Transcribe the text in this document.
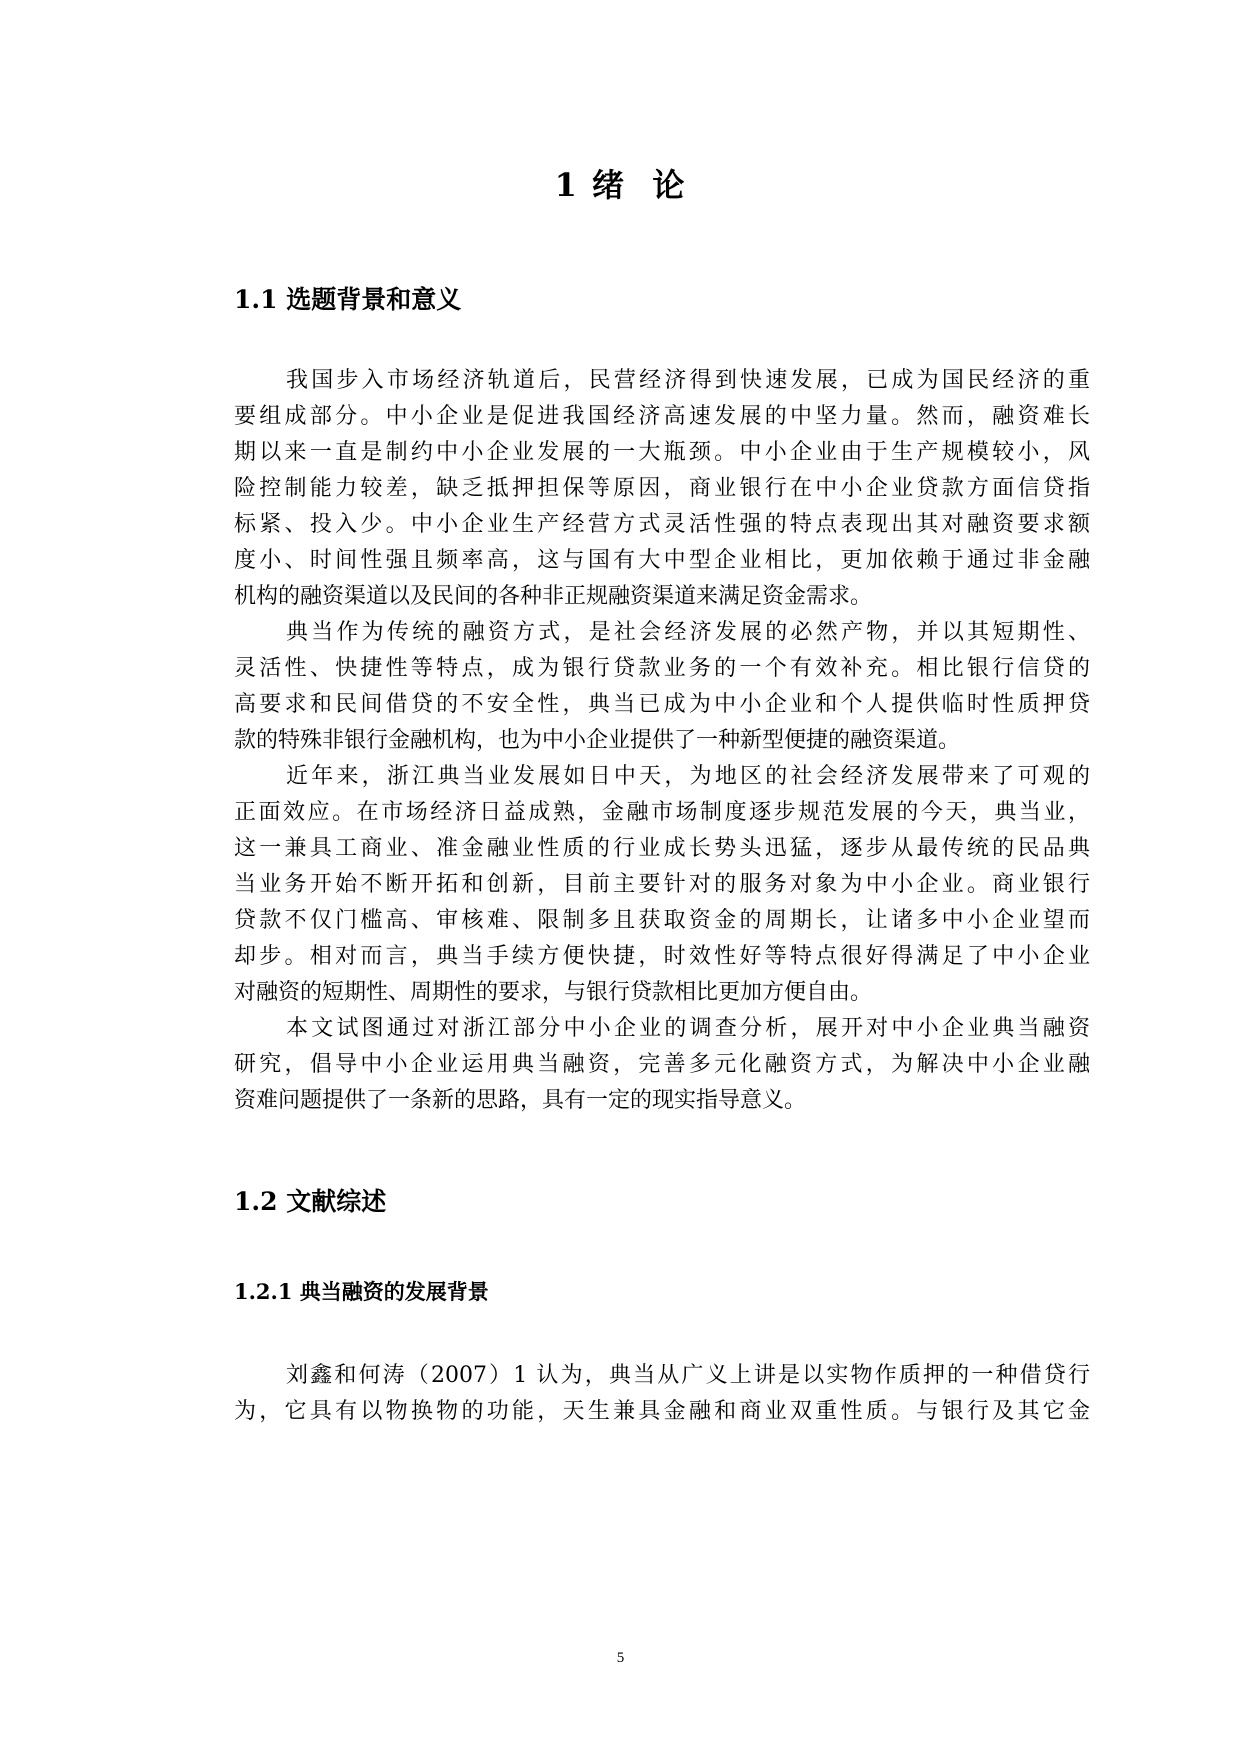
1 绪  论
1.1 选题背景和意义
我国步入市场经济轨道后，民营经济得到快速发展，已成为国民经济的重
要组成部分。中小企业是促进我国经济高速发展的中坚力量。然而，融资难长
期以来一直是制约中小企业发展的一大瓶颈。中小企业由于生产规模较小，风
险控制能力较差，缺乏抵押担保等原因，商业银行在中小企业贷款方面信贷指
标紧、投入少。中小企业生产经营方式灵活性强的特点表现出其对融资要求额
度小、时间性强且频率高，这与国有大中型企业相比，更加依赖于通过非金融
机构的融资渠道以及民间的各种非正规融资渠道来满足资金需求。
典当作为传统的融资方式，是社会经济发展的必然产物，并以其短期性、
灵活性、快捷性等特点，成为银行贷款业务的一个有效补充。相比银行信贷的
高要求和民间借贷的不安全性，典当已成为中小企业和个人提供临时性质押贷
款的特殊非银行金融机构，也为中小企业提供了一种新型便捷的融资渠道。
近年来，浙江典当业发展如日中天，为地区的社会经济发展带来了可观的
正面效应。在市场经济日益成熟，金融市场制度逐步规范发展的今天，典当业，
这一兼具工商业、准金融业性质的行业成长势头迅猛，逐步从最传统的民品典
当业务开始不断开拓和创新，目前主要针对的服务对象为中小企业。商业银行
贷款不仅门槛高、审核难、限制多且获取资金的周期长，让诸多中小企业望而
却步。相对而言，典当手续方便快捷，时效性好等特点很好得满足了中小企业
对融资的短期性、周期性的要求，与银行贷款相比更加方便自由。
本文试图通过对浙江部分中小企业的调查分析，展开对中小企业典当融资
研究，倡导中小企业运用典当融资，完善多元化融资方式，为解决中小企业融
资难问题提供了一条新的思路，具有一定的现实指导意义。
1.2 文献综述
1.2.1 典当融资的发展背景
刘鑫和何涛（2007）1 认为，典当从广义上讲是以实物作质押的一种借贷行
为，它具有以物换物的功能，天生兼具金融和商业双重性质。与银行及其它金
5
